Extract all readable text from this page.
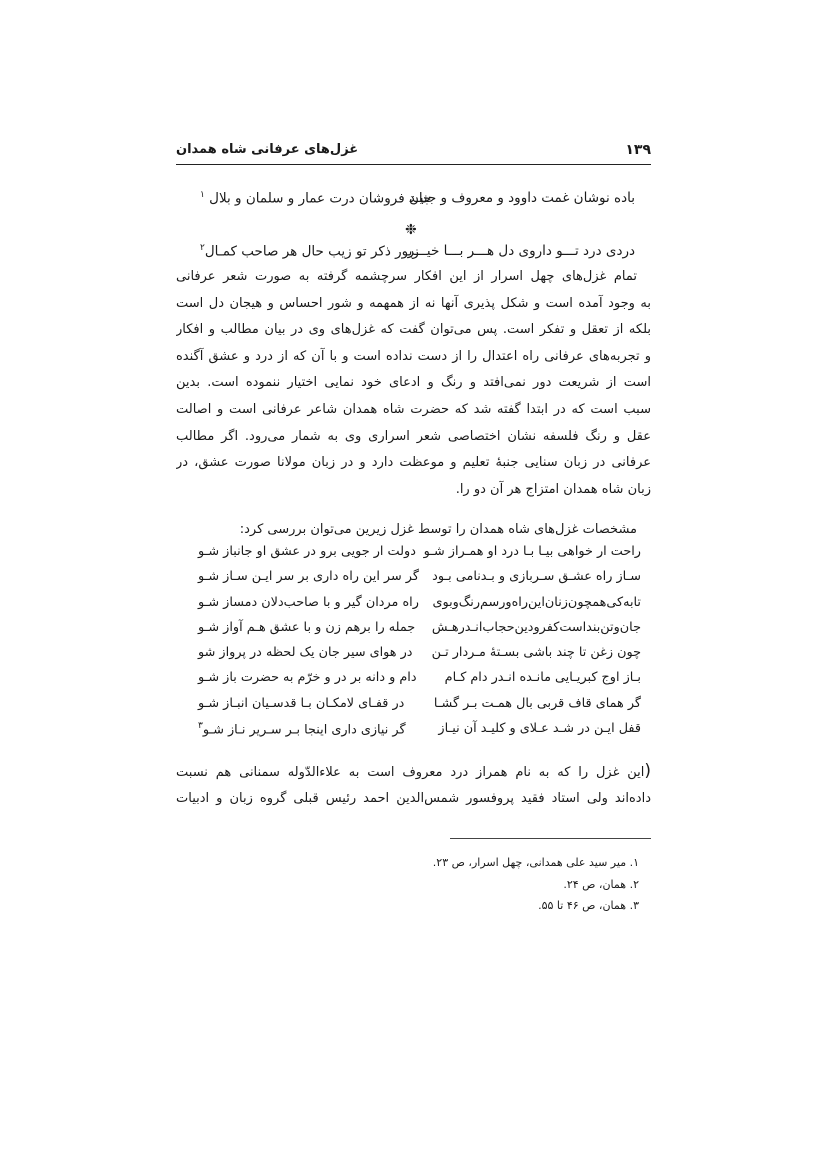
۱۳۹
غزل‌های عرفانی شاه همدان
باده نوشان غمت داوود و معروف و جنیـد
جان فروشان درت عمار و سلمان و بلال $^۱$
❉
دردی درد تـــو داروی دل هـــر بـــا خیـــر
زیور ذکر تو زیب حال هر صاحب کمـال$^۲$
تمام غزل‌های چهل اسرار از این افکار سرچشمه گرفته به صورت شعر عرفانی
به وجود آمده است و شکل پذیری آنها نه از همهمه و شور احساس و هیجان دل است
بلکه از تعقل و تفکر است. پس می‌توان گفت که غزل‌های وی در بیان مطالب و افکار
و تجربه‌های عرفانی راه اعتدال را از دست نداده است و با آن که از درد و عشق آگنده
است از شریعت دور نمی‌افتد و رنگ و ادعای خود نمایی اختیار ننموده است. بدین
سبب است که در ابتدا گفته شد که حضرت شاه همدان شاعر عرفانی است و اصالت
عقل و رنگ فلسفه نشان اختصاصی شعر اسراری وی به شمار می‌رود. اگر مطالب
عرفانی در زبان سنایی جنبهٔ تعلیم و موعظت دارد و در زبان مولانا صورت عشق، در
زبان شاه همدان امتزاج هر آن دو را.
مشخصات غزل‌های شاه همدان را توسط غزل زیرین می‌توان بررسی کرد:
راحت ار خواهی بیـا بـا درد او همـراز شـو
دولت ار جویی برو در عشق او جانباز شـو
سـاز راه عشـق سـربازی و بـدنامی بـود
گر سر این راه داری بر سر ایـن سـاز شـو
تابه‌کی‌همچون‌زنان‌این‌راه‌ورسم‌رنگ‌وبوی
راه مردان گیر و با صاحب‌دلان دمساز شـو
جان‌وتن‌بنداست‌کفرودین‌حجاب‌انـدرهـش
جمله را برهم زن و با عشق هـم آواز شـو
چون زغن تا چند باشی بسـتهٔ مـردار تـن
در هوای سیر جان یک لحظه در پرواز شو
بـاز اوج کبریـایی مانـده انـدر دام کـام
دام و دانه بر در و خرّم به حضرت باز شـو
گر همای قاف قربی بال همـت بـر گشـا
در قفـای لامکـان بـا قدسـیان انبـاز شـو
قفل ایـن در شـد عـلای و کلیـد آن نیـاز
گر نیازی داری اینجا بـر سـریر نـاز شـو$^۳$
(این غزل را که به نام همراز درد معروف است به علاءالدّوله سمنانی هم نسبت
داده‌اند ولی استاد فقید پروفسور شمس‌الدین احمد رئیس قبلی گروه زبان و ادبیات
۱. میر سید علی همدانی، چهل اسرار، ص ۲۳.
۲. همان، ص ۲۴.
۳. همان، ص ۴۶ تا ۵۵.
